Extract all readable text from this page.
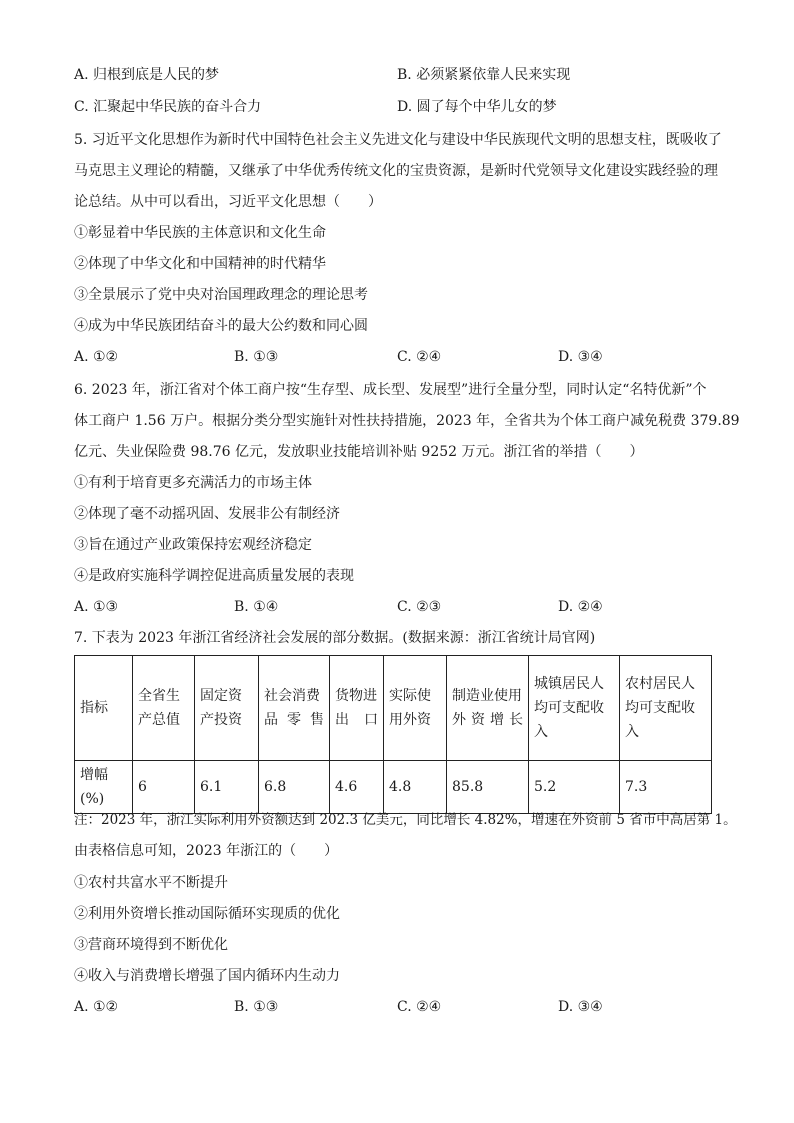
A. 归根到底是人民的梦	B. 必须紧紧依靠人民来实现
C. 汇聚起中华民族的奋斗合力	D. 圆了每个中华儿女的梦
5. 习近平文化思想作为新时代中国特色社会主义先进文化与建设中华民族现代文明的思想支柱，既吸收了
马克思主义理论的精髓，又继承了中华优秀传统文化的宝贵资源，是新时代党领导文化建设实践经验的理
论总结。从中可以看出，习近平文化思想（　　）
①彰显着中华民族的主体意识和文化生命
②体现了中华文化和中国精神的时代精华
③全景展示了党中央对治国理政理念的理论思考
④成为中华民族团结奋斗的最大公约数和同心圆
A. ①②	B. ①③	C. ②④	D. ③④
6. 2023 年，浙江省对个体工商户按“生存型、成长型、发展型”进行全量分型，同时认定“名特优新”个
体工商户 1.56 万户。根据分类分型实施针对性扶持措施，2023 年，全省共为个体工商户减免税费 379.89
亿元、失业保险费 98.76 亿元，发放职业技能培训补贴 9252 万元。浙江省的举措（　　）
①有利于培育更多充满活力的市场主体
②体现了毫不动摇巩固、发展非公有制经济
③旨在通过产业政策保持宏观经济稳定
④是政府实施科学调控促进高质量发展的表现
A. ①③	B. ①④	C. ②③	D. ②④
7. 下表为 2023 年浙江省经济社会发展的部分数据。(数据来源：浙江省统计局官网)
指标	全省生产总值	固定资产投资	社会消费品零售	货物进出口	实际使用外资	制造业使用外资增长	城镇居民人均可支配收入	农村居民人均可支配收入
增幅(%)	6	6.1	6.8	4.6	4.8	85.8	5.2	7.3
注：2023 年，浙江实际利用外资额达到 202.3 亿美元，同比增长 4.82%，增速在外资前 5 省市中高居第 1。
由表格信息可知，2023 年浙江的（　　）
①农村共富水平不断提升
②利用外资增长推动国际循环实现质的优化
③营商环境得到不断优化
④收入与消费增长增强了国内循环内生动力
A. ①②	B. ①③	C. ②④	D. ③④
